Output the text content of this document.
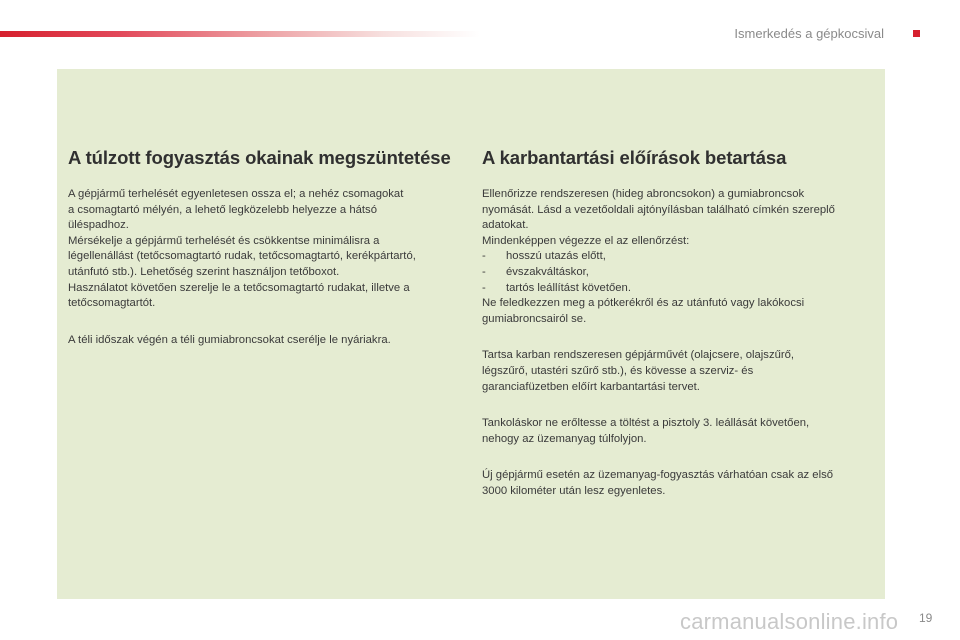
Ismerkedés a gépkocsival
A túlzott fogyasztás okainak megszüntetése

A gépjármű terhelését egyenletesen ossza el; a nehéz csomagokat
a csomagtartó mélyén, a lehető legközelebb helyezze a hátsó
üléspadhoz.
Mérsékelje a gépjármű terhelését és csökkentse minimálisra a
légellenállást (tetőcsomagtartó rudak, tetőcsomagtartó, kerékpártartó,
utánfutó stb.). Lehetőség szerint használjon tetőboxot.
Használatot követően szerelje le a tetőcsomagtartó rudakat, illetve a
tetőcsomagtartót.

A téli időszak végén a téli gumiabroncsokat cserélje le nyáriakra.

A karbantartási előírások betartása

Ellenőrizze rendszeresen (hideg abroncsokon) a gumiabroncsok
nyomását. Lásd a vezetőoldali ajtónyílásban található címkén szereplő
adatokat.
Mindenképpen végezze el az ellenőrzést:
- hosszú utazás előtt,
- évszakváltáskor,
- tartós leállítást követően.
Ne feledkezzen meg a pótkerékről és az utánfutó vagy lakókocsi
gumiabroncsairól se.

Tartsa karban rendszeresen gépjárművét (olajcsere, olajszűrő,
légszűrő, utastéri szűrő stb.), és kövesse a szerviz- és
garanciafüzetben előírt karbantartási tervet.

Tankoláskor ne erőltesse a töltést a pisztoly 3. leállását követően,
nehogy az üzemanyag túlfolyjon.

Új gépjármű esetén az üzemanyag-fogyasztás várhatóan csak az első
3000 kilométer után lesz egyenletes.

carmanualsonline.info 19
